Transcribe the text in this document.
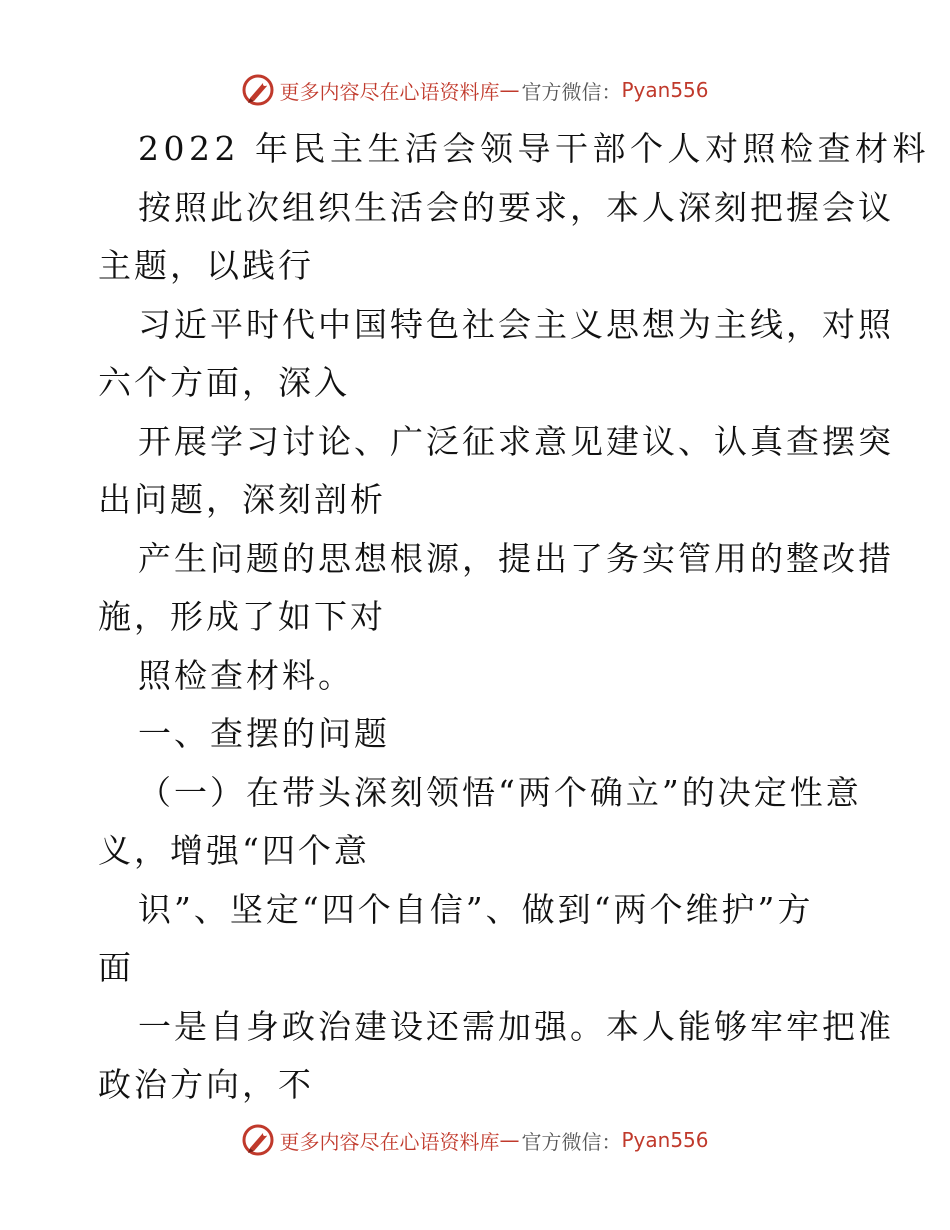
更多内容尽在心语资料库 — 官方微信： Pyan556
2022 年民主生活会领导干部个人对照检查材料
按照此次组织生活会的要求，本人深刻把握会议
主题，以践行
习近平时代中国特色社会主义思想为主线，对照
六个方面，深入
开展学习讨论、广泛征求意见建议、认真查摆突
出问题，深刻剖析
产生问题的思想根源，提出了务实管用的整改措
施，形成了如下对
照检查材料。
一、查摆的问题
（一）在带头深刻领悟“两个确立”的决定性意
义，增强“四个意
识”、坚定“四个自信”、做到“两个维护”方
面
一是自身政治建设还需加强。本人能够牢牢把准
政治方向，不
更多内容尽在心语资料库 — 官方微信： Pyan556
